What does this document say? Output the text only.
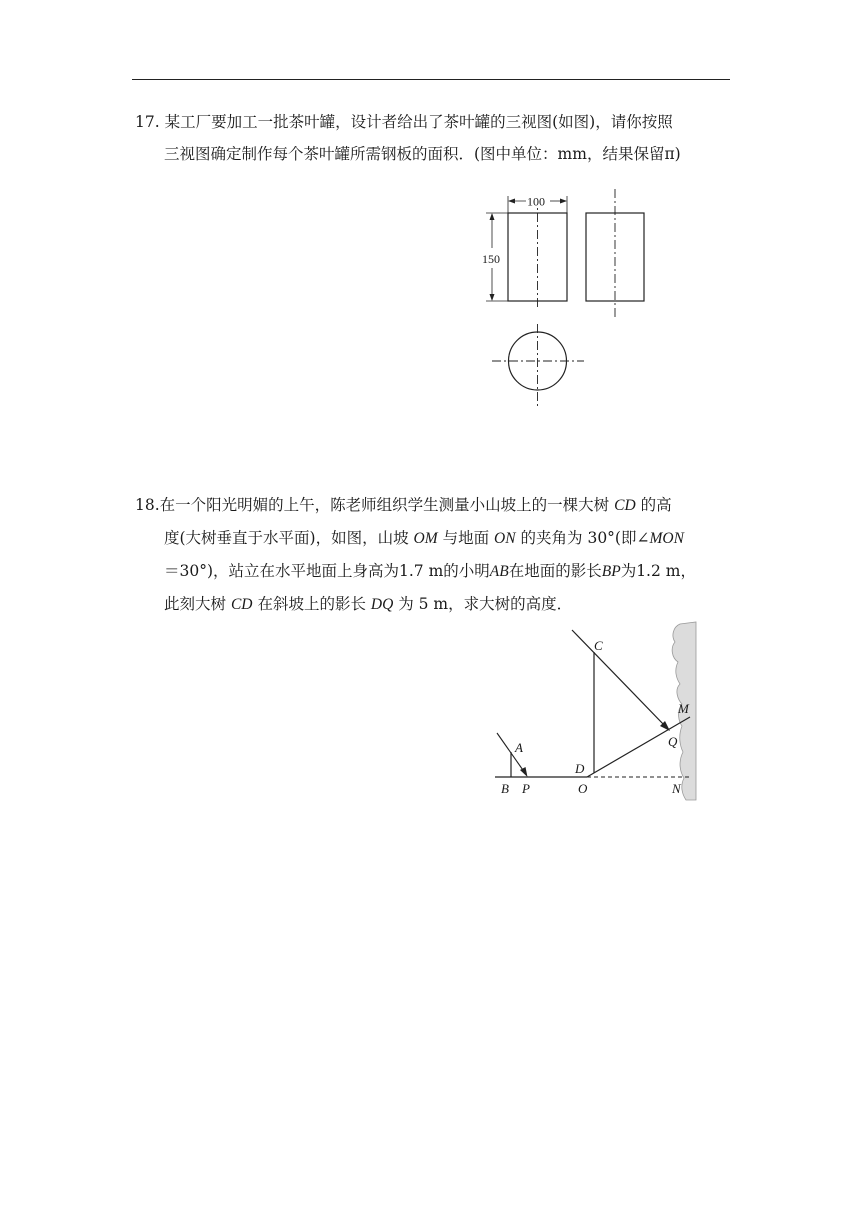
17. 某工厂要加工一批茶叶罐，设计者给出了茶叶罐的三视图(如图)，请你按照
三视图确定制作每个茶叶罐所需钢板的面积．(图中单位：mm，结果保留π)
100
150
18.在一个阳光明媚的上午，陈老师组织学生测量小山坡上的一棵大树 CD 的高
度(大树垂直于水平面)，如图，山坡 OM 与地面 ON 的夹角为 30°(即∠MON
＝30°)，站立在水平地面上身高为1.7 m的小明AB在地面的影长BP为1.2 m，
此刻大树 CD 在斜坡上的影长 DQ 为 5 m，求大树的高度．
A
B P
C
D
O
M
Q
N
